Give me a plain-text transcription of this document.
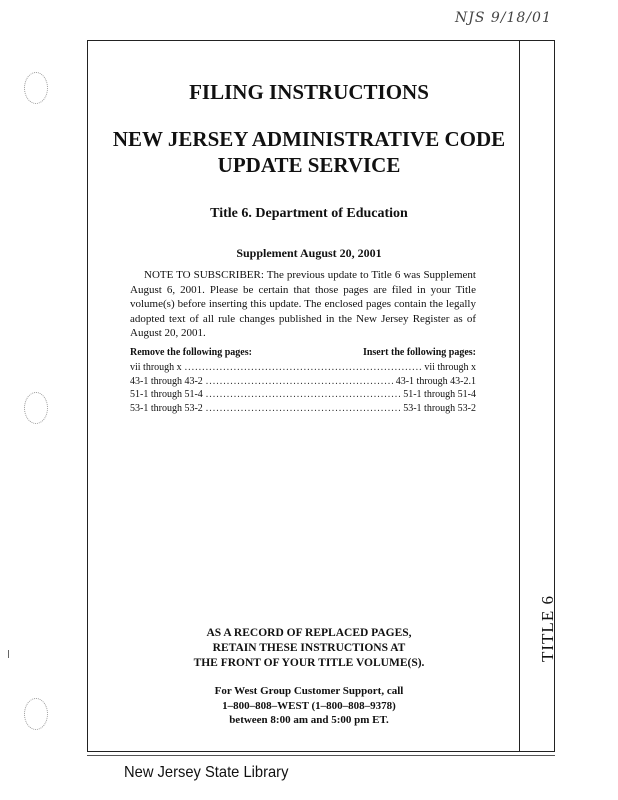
NJS 9/18/01
TITLE 6
FILING INSTRUCTIONS
NEW JERSEY ADMINISTRATIVE CODE
UPDATE SERVICE
Title 6. Department of Education
Supplement August 20, 2001
NOTE TO SUBSCRIBER: The previous update to Title 6 was Supplement August 6, 2001. Please be certain that those pages are filed in your Title volume(s) before inserting this update. The enclosed pages contain the legally adopted text of all rule changes published in the New Jersey Register as of August 20, 2001.
Remove the following pages:	Insert the following pages:
vii through x .....	vii through x
43-1 through 43-2 .....	43-1 through 43-2.1
51-1 through 51-4 .....	51-1 through 51-4
53-1 through 53-2 .....	53-1 through 53-2
AS A RECORD OF REPLACED PAGES,
RETAIN THESE INSTRUCTIONS AT
THE FRONT OF YOUR TITLE VOLUME(S).
For West Group Customer Support, call
1–800–808–WEST (1–800–808–9378)
between 8:00 am and 5:00 pm ET.
New Jersey State Library
